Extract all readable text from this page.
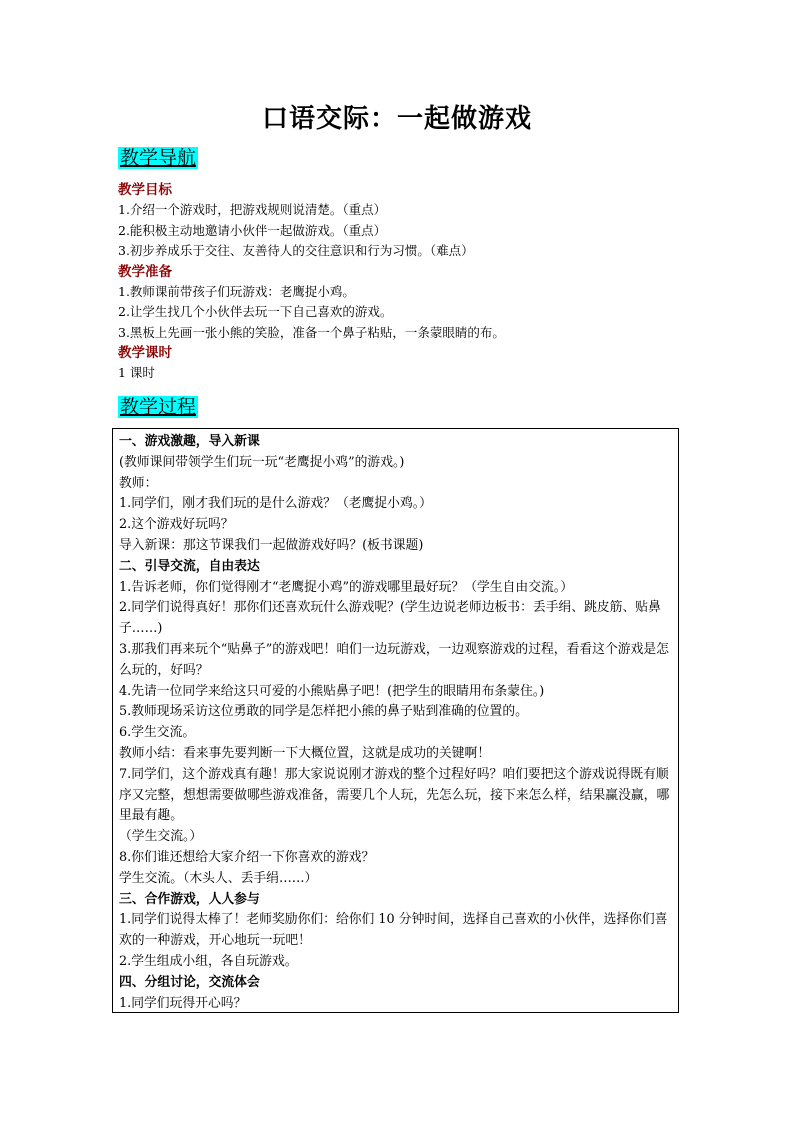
口语交际：一起做游戏
教学导航
教学目标
1.介绍一个游戏时，把游戏规则说清楚。（重点）
2.能积极主动地邀请小伙伴一起做游戏。（重点）
3.初步养成乐于交往、友善待人的交往意识和行为习惯。（难点）
教学准备
1.教师课前带孩子们玩游戏：老鹰捉小鸡。
2.让学生找几个小伙伴去玩一下自己喜欢的游戏。
3.黑板上先画一张小熊的笑脸，准备一个鼻子粘贴，一条蒙眼睛的布。
教学课时
1 课时
教学过程
一、游戏激趣，导入新课
(教师课间带领学生们玩一玩“老鹰捉小鸡”的游戏。)
教师：
1.同学们，刚才我们玩的是什么游戏？（老鹰捉小鸡。）
2.这个游戏好玩吗？
导入新课：那这节课我们一起做游戏好吗？(板书课题)
二、引导交流，自由表达
1.告诉老师，你们觉得刚才“老鹰捉小鸡”的游戏哪里最好玩？（学生自由交流。）
2.同学们说得真好！那你们还喜欢玩什么游戏呢？(学生边说老师边板书：丢手绢、跳皮筋、贴鼻子……)
3.那我们再来玩个“贴鼻子”的游戏吧！咱们一边玩游戏，一边观察游戏的过程，看看这个游戏是怎么玩的，好吗？
4.先请一位同学来给这只可爱的小熊贴鼻子吧！(把学生的眼睛用布条蒙住。)
5.教师现场采访这位勇敢的同学是怎样把小熊的鼻子贴到准确的位置的。
6.学生交流。
教师小结：看来事先要判断一下大概位置，这就是成功的关键啊！
7.同学们，这个游戏真有趣！那大家说说刚才游戏的整个过程好吗？咱们要把这个游戏说得既有顺序又完整，想想需要做哪些游戏准备，需要几个人玩，先怎么玩，接下来怎么样，结果赢没赢，哪里最有趣。
（学生交流。）
8.你们谁还想给大家介绍一下你喜欢的游戏？
学生交流。（木头人、丢手绢……）
三、合作游戏，人人参与
1.同学们说得太棒了！老师奖励你们：给你们 10 分钟时间，选择自己喜欢的小伙伴，选择你们喜欢的一种游戏，开心地玩一玩吧！
2.学生组成小组，各自玩游戏。
四、分组讨论，交流体会
1.同学们玩得开心吗？
